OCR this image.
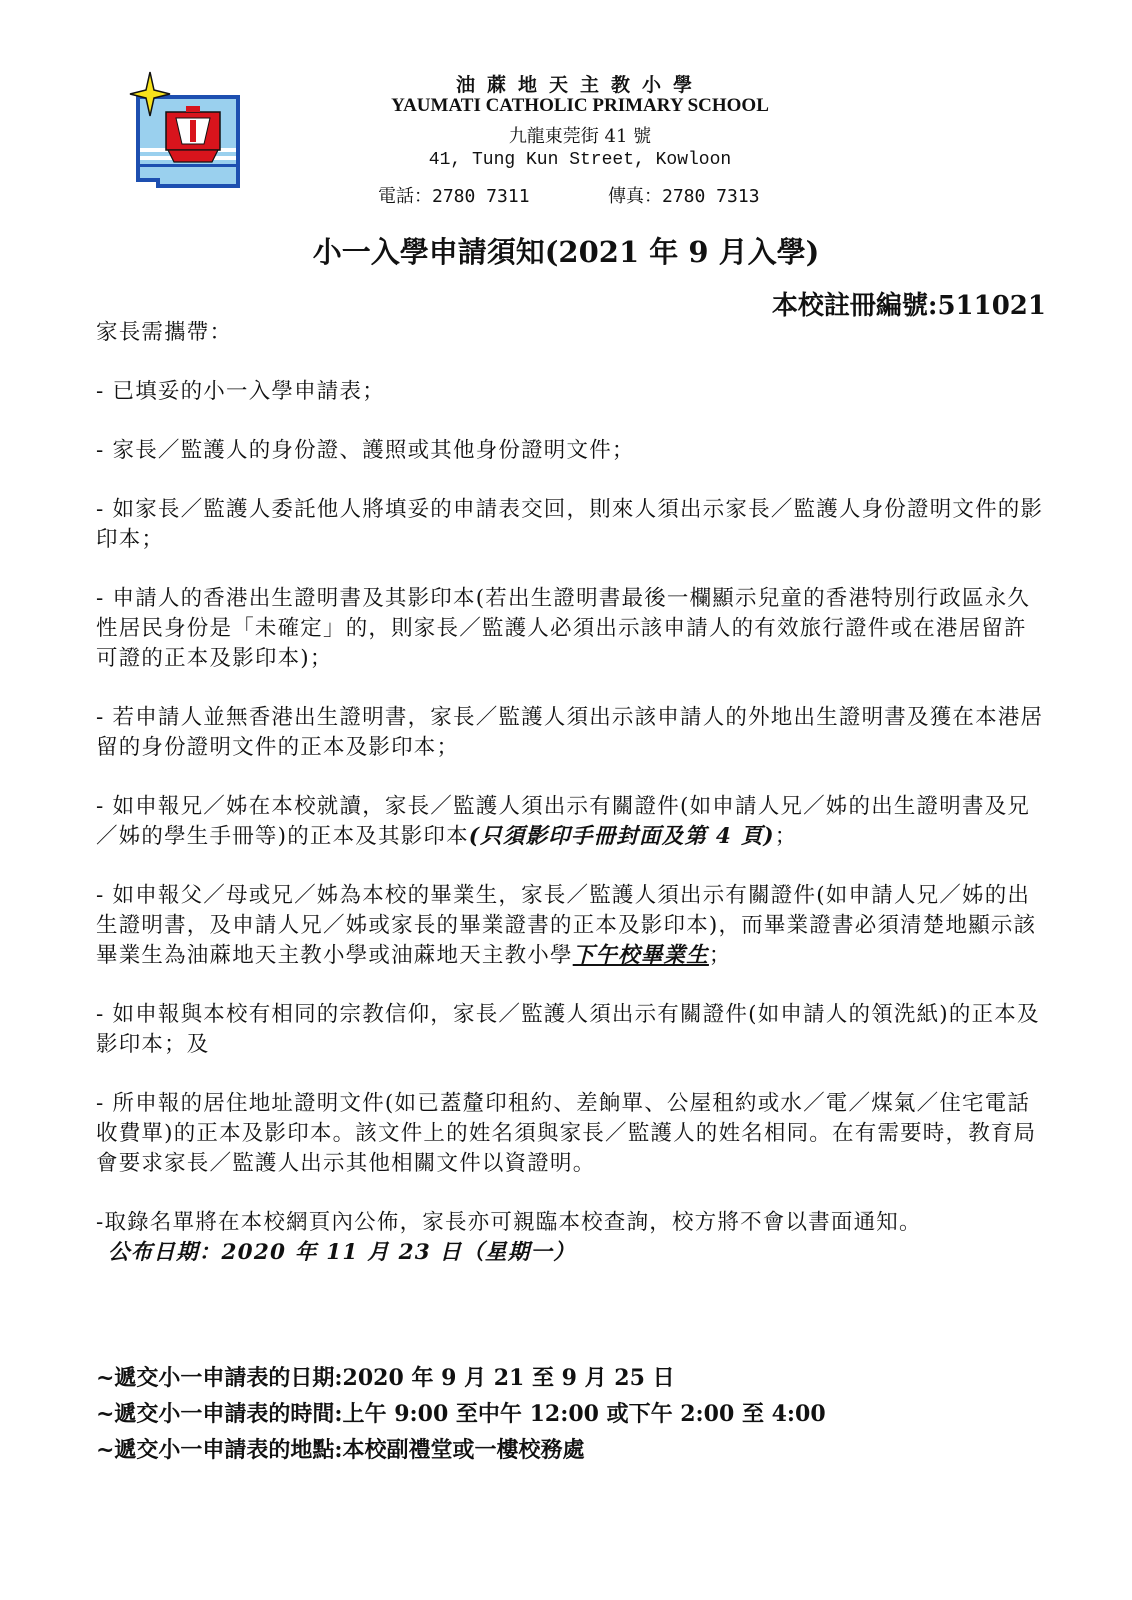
油蔴地天主教小學
YAUMATI CATHOLIC PRIMARY SCHOOL
九龍東莞街 41 號
41, Tung Kun Street, Kowloon
電話：2780 7311	傳真：2780 7313
小一入學申請須知(2021 年 9 月入學)
本校註冊編號:511021

家長需攜帶：

- 已填妥的小一入學申請表；

- 家長／監護人的身份證、護照或其他身份證明文件；

- 如家長／監護人委託他人將填妥的申請表交回，則來人須出示家長／監護人身份證明文件的影印本；

- 申請人的香港出生證明書及其影印本(若出生證明書最後一欄顯示兒童的香港特別行政區永久性居民身份是「未確定」的，則家長／監護人必須出示該申請人的有效旅行證件或在港居留許可證的正本及影印本)；

- 若申請人並無香港出生證明書，家長／監護人須出示該申請人的外地出生證明書及獲在本港居留的身份證明文件的正本及影印本；

- 如申報兄／姊在本校就讀，家長／監護人須出示有關證件(如申請人兄／姊的出生證明書及兄／姊的學生手冊等)的正本及其影印本(只須影印手冊封面及第 4 頁)；

- 如申報父／母或兄／姊為本校的畢業生，家長／監護人須出示有關證件(如申請人兄／姊的出生證明書，及申請人兄／姊或家長的畢業證書的正本及影印本)，而畢業證書必須清楚地顯示該畢業生為油蔴地天主教小學或油蔴地天主教小學下午校畢業生；

- 如申報與本校有相同的宗教信仰，家長／監護人須出示有關證件(如申請人的領洗紙)的正本及影印本；及

- 所申報的居住地址證明文件(如已蓋釐印租約、差餉單、公屋租約或水／電／煤氣／住宅電話收費單)的正本及影印本。該文件上的姓名須與家長／監護人的姓名相同。在有需要時，教育局會要求家長／監護人出示其他相關文件以資證明。

-取錄名單將在本校網頁內公佈，家長亦可親臨本校查詢，校方將不會以書面通知。
公布日期：2020 年 11 月 23 日（星期一）

~遞交小一申請表的日期:2020 年 9 月 21 至 9 月 25 日
~遞交小一申請表的時間:上午 9:00 至中午 12:00 或下午 2:00 至 4:00
~遞交小一申請表的地點:本校副禮堂或一樓校務處
